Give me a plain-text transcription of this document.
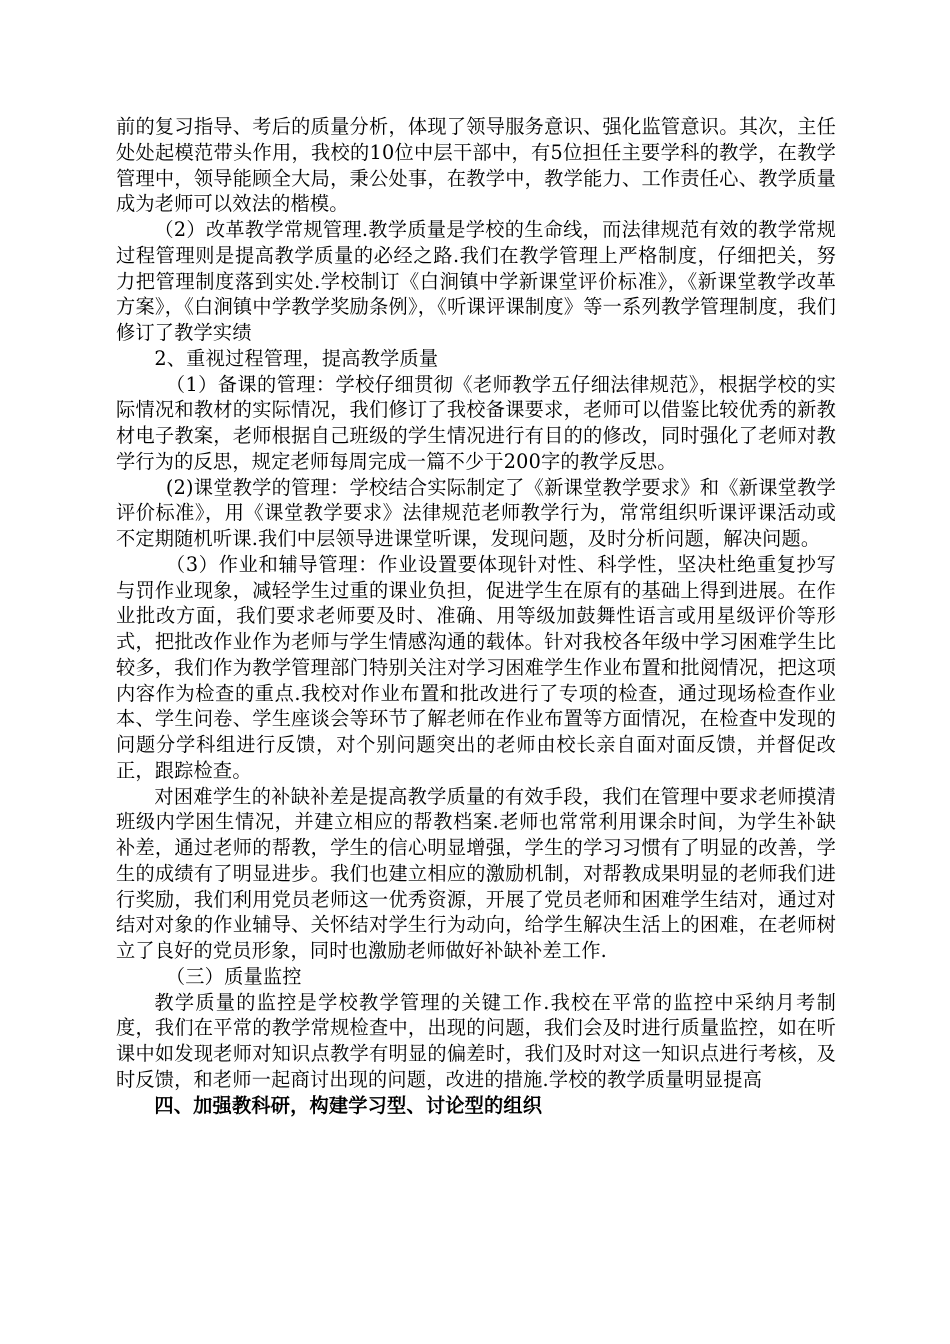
前的复习指导、考后的质量分析，体现了领导服务意识、强化监管意识。其次，主任处处起模范带头作用，我校的10位中层干部中，有5位担任主要学科的教学，在教学管理中，领导能顾全大局，秉公处事，在教学中，教学能力、工作责任心、教学质量成为老师可以效法的楷模。

（2）改革教学常规管理.教学质量是学校的生命线，而法律规范有效的教学常规过程管理则是提高教学质量的必经之路.我们在教学管理上严格制度，仔细把关，努力把管理制度落到实处.学校制订《白涧镇中学新课堂评价标准》，《新课堂教学改革方案》，《白涧镇中学教学奖励条例》，《听课评课制度》等一系列教学管理制度，我们修订了教学实绩

2、重视过程管理，提高教学质量

（1）备课的管理：学校仔细贯彻《老师教学五仔细法律规范》，根据学校的实际情况和教材的实际情况，我们修订了我校备课要求，老师可以借鉴比较优秀的新教材电子教案，老师根据自己班级的学生情况进行有目的的修改，同时强化了老师对教学行为的反思，规定老师每周完成一篇不少于200字的教学反思。

(2)课堂教学的管理：学校结合实际制定了《新课堂教学要求》和《新课堂教学评价标准》，用《课堂教学要求》法律规范老师教学行为，常常组织听课评课活动或不定期随机听课.我们中层领导进课堂听课，发现问题，及时分析问题，解决问题。

（3）作业和辅导管理：作业设置要体现针对性、科学性，坚决杜绝重复抄写与罚作业现象，减轻学生过重的课业负担，促进学生在原有的基础上得到进展。在作业批改方面，我们要求老师要及时、准确、用等级加鼓舞性语言或用星级评价等形式，把批改作业作为老师与学生情感沟通的载体。针对我校各年级中学习困难学生比较多，我们作为教学管理部门特别关注对学习困难学生作业布置和批阅情况，把这项内容作为检查的重点.我校对作业布置和批改进行了专项的检查，通过现场检查作业本、学生问卷、学生座谈会等环节了解老师在作业布置等方面情况，在检查中发现的问题分学科组进行反馈，对个别问题突出的老师由校长亲自面对面反馈，并督促改正，跟踪检查。

对困难学生的补缺补差是提高教学质量的有效手段，我们在管理中要求老师摸清班级内学困生情况，并建立相应的帮教档案.老师也常常利用课余时间，为学生补缺补差，通过老师的帮教，学生的信心明显增强，学生的学习习惯有了明显的改善，学生的成绩有了明显进步。我们也建立相应的激励机制，对帮教成果明显的老师我们进行奖励，我们利用党员老师这一优秀资源，开展了党员老师和困难学生结对，通过对结对对象的作业辅导、关怀结对学生行为动向，给学生解决生活上的困难，在老师树立了良好的党员形象，同时也激励老师做好补缺补差工作.

（三）质量监控

教学质量的监控是学校教学管理的关键工作.我校在平常的监控中采纳月考制度，我们在平常的教学常规检查中，出现的问题，我们会及时进行质量监控，如在听课中如发现老师对知识点教学有明显的偏差时，我们及时对这一知识点进行考核，及时反馈，和老师一起商讨出现的问题，改进的措施.学校的教学质量明显提高

四、加强教科研，构建学习型、讨论型的组织
